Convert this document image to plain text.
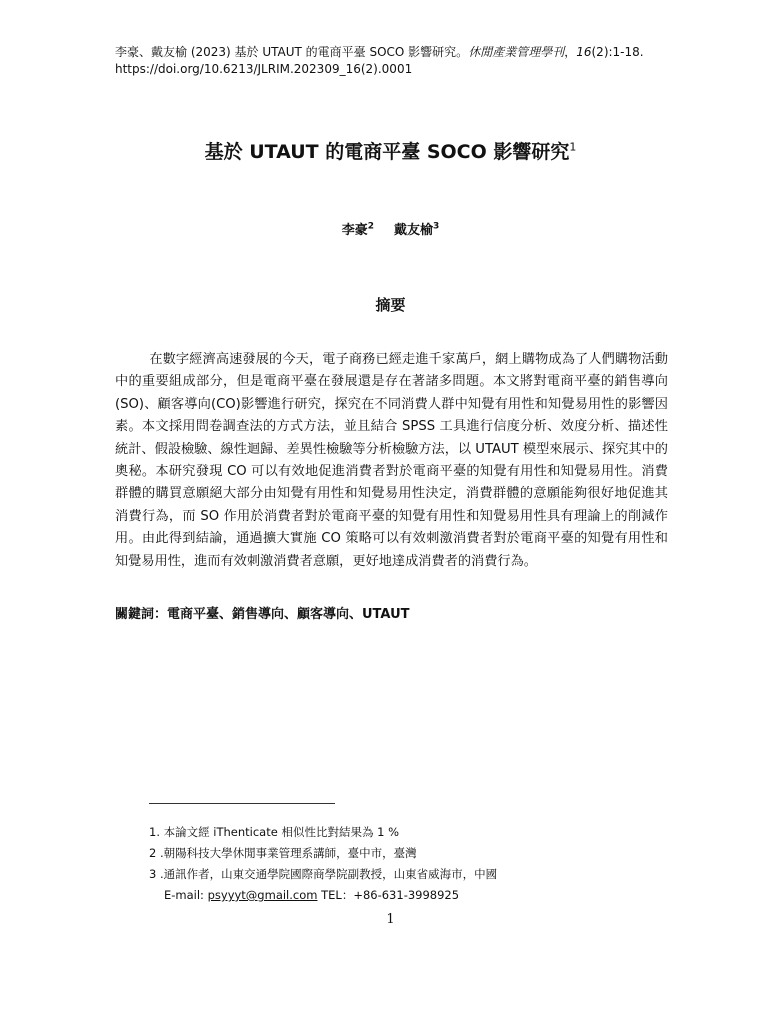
李豪、戴友榆 (2023) 基於 UTAUT 的電商平臺 SOCO 影響研究。休閒產業管理學刊，16(2):1-18.
https://doi.org/10.6213/JLRIM.202309_16(2).0001
基於 UTAUT 的電商平臺 SOCO 影響研究$^1$
李豪$^2$ 戴友榆$^3$
摘要

在數字經濟高速發展的今天，電子商務已經走進千家萬戶，網上購物成為了人們購物活動中的重要組成部分，但是電商平臺在發展還是存在著諸多問題。本文將對電商平臺的銷售導向(SO)、顧客導向(CO)影響進行研究，探究在不同消費人群中知覺有用性和知覺易用性的影響因素。本文採用問卷調查法的方式方法，並且結合 SPSS 工具進行信度分析、效度分析、描述性統計、假設檢驗、線性迴歸、差異性檢驗等分析檢驗方法，以 UTAUT 模型來展示、探究其中的奧秘。本研究發現 CO 可以有效地促進消費者對於電商平臺的知覺有用性和知覺易用性。消費群體的購買意願絕大部分由知覺有用性和知覺易用性決定，消費群體的意願能夠很好地促進其消費行為，而 SO 作用於消費者對於電商平臺的知覺有用性和知覺易用性具有理論上的削減作用。由此得到結論，通過擴大實施 CO 策略可以有效刺激消費者對於電商平臺的知覺有用性和知覺易用性，進而有效刺激消費者意願，更好地達成消費者的消費行為。

關鍵詞：電商平臺、銷售導向、顧客導向、UTAUT
1. 本論文經 iThenticate 相似性比對結果為 1 %
2 .朝陽科技大學休閒事業管理系講師，臺中市，臺灣
3 .通訊作者，山東交通學院國際商學院副教授，山東省威海市，中國
E-mail: psyyyt@gmail.com TEL：+86-631-3998925
1
